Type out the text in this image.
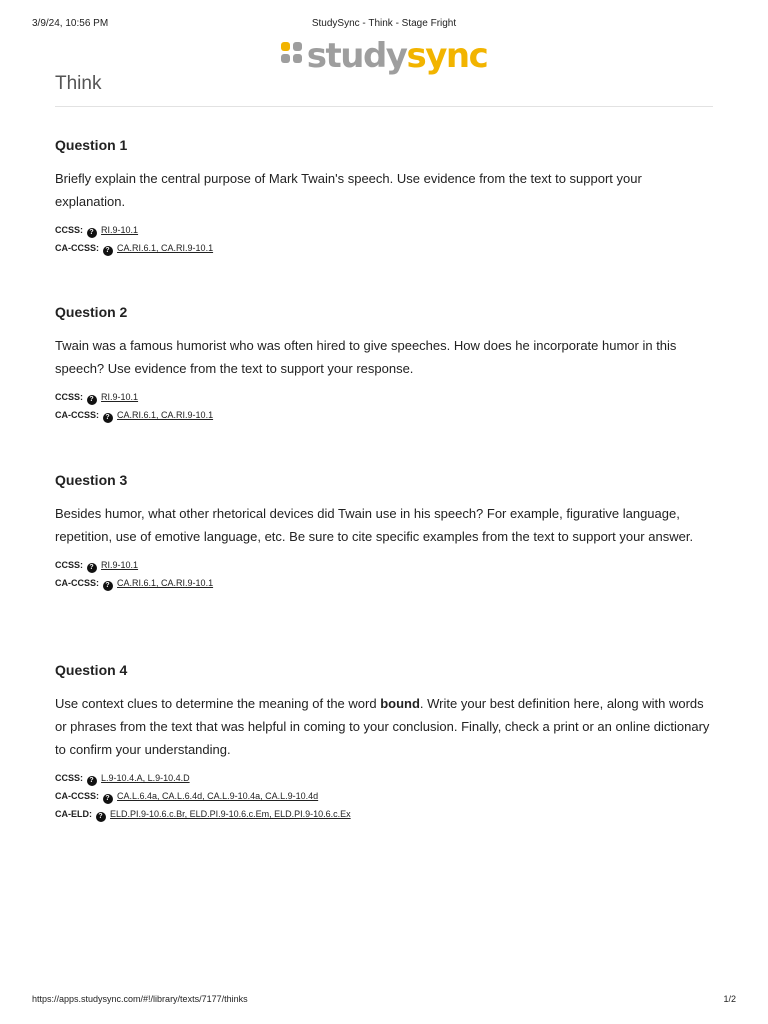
3/9/24, 10:56 PM	StudySync - Think - Stage Fright
studysync
Think
Question 1

Briefly explain the central purpose of Mark Twain's speech. Use evidence from the text to support your explanation.

CCSS: ? RI.9-10.1
CA-CCSS: ? CA.RI.6.1, CA.RI.9-10.1
Question 2

Twain was a famous humorist who was often hired to give speeches. How does he incorporate humor in this speech? Use evidence from the text to support your response.

CCSS: ? RI.9-10.1
CA-CCSS: ? CA.RI.6.1, CA.RI.9-10.1
Question 3

Besides humor, what other rhetorical devices did Twain use in his speech? For example, figurative language, repetition, use of emotive language, etc. Be sure to cite specific examples from the text to support your answer.

CCSS: ? RI.9-10.1
CA-CCSS: ? CA.RI.6.1, CA.RI.9-10.1
Question 4

Use context clues to determine the meaning of the word bound. Write your best definition here, along with words or phrases from the text that was helpful in coming to your conclusion. Finally, check a print or an online dictionary to confirm your understanding.

CCSS: ? L.9-10.4.A, L.9-10.4.D
CA-CCSS: ? CA.L.6.4a, CA.L.6.4d, CA.L.9-10.4a, CA.L.9-10.4d
CA-ELD: ? ELD.PI.9-10.6.c.Br, ELD.PI.9-10.6.c.Em, ELD.PI.9-10.6.c.Ex
https://apps.studysync.com/#!/library/texts/7177/thinks	1/2
